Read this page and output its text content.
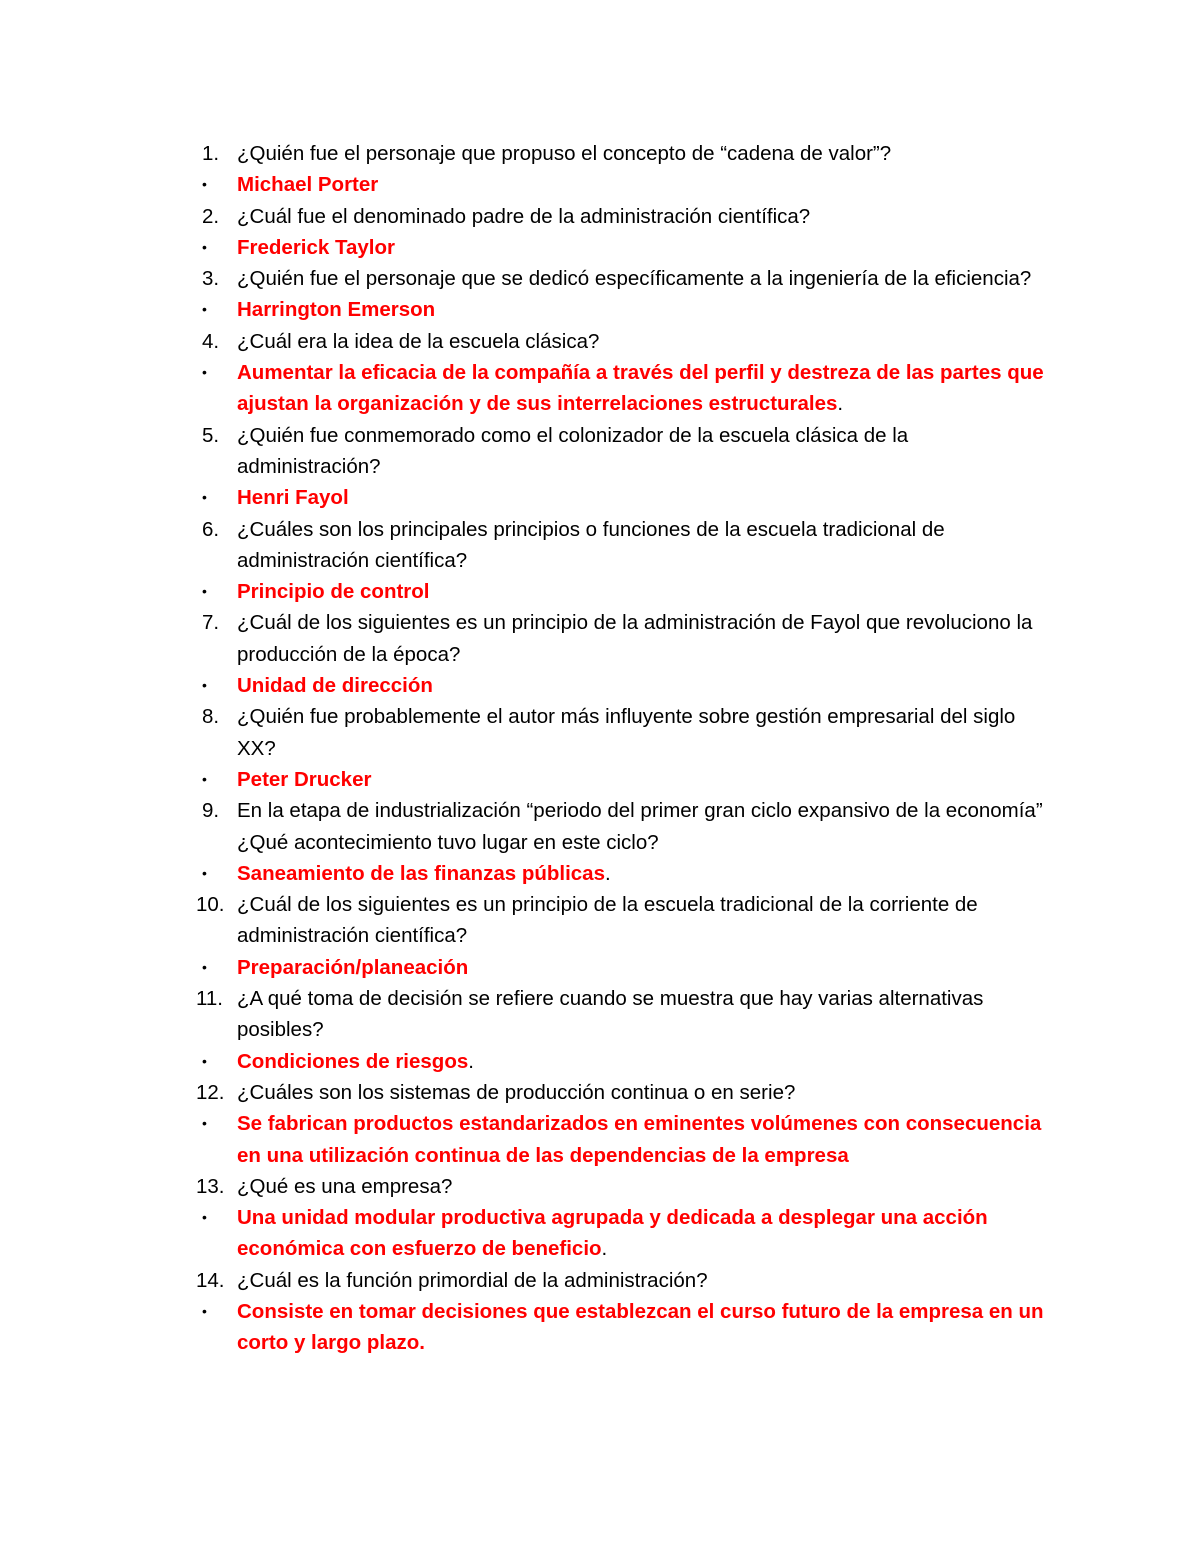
1. ¿Quién fue el personaje que propuso el concepto de “cadena de valor”?
•	Michael Porter
2. ¿Cuál fue el denominado padre de la administración científica?
•	Frederick Taylor
3. ¿Quién fue el personaje que se dedicó específicamente a la ingeniería de la eficiencia?
•	Harrington Emerson
4. ¿Cuál era la idea de la escuela clásica?
•	Aumentar la eficacia de la compañía a través del perfil y destreza de las partes que ajustan la organización y de sus interrelaciones estructurales.
5. ¿Quién fue conmemorado como el colonizador de la escuela clásica de la administración?
•	Henri Fayol
6. ¿Cuáles son los principales principios o funciones de la escuela tradicional de administración científica?
•	Principio de control
7. ¿Cuál de los siguientes es un principio de la administración de Fayol que revoluciono la producción de la época?
•	Unidad de dirección
8. ¿Quién fue probablemente el autor más influyente sobre gestión empresarial del siglo XX?
•	Peter Drucker
9. En la etapa de industrialización “periodo del primer gran ciclo expansivo de la economía” ¿Qué acontecimiento tuvo lugar en este ciclo?
•	Saneamiento de las finanzas públicas.
10. ¿Cuál de los siguientes es un principio de la escuela tradicional de la corriente de administración científica?
•	Preparación/planeación
11. ¿A qué toma de decisión se refiere cuando se muestra que hay varias alternativas posibles?
•	Condiciones de riesgos.
12. ¿Cuáles son los sistemas de producción continua o en serie?
•	Se fabrican productos estandarizados en eminentes volúmenes con consecuencia en una utilización continua de las dependencias de la empresa
13. ¿Qué es una empresa?
•	Una unidad modular productiva agrupada y dedicada a desplegar una acción económica con esfuerzo de beneficio.
14. ¿Cuál es la función primordial de la administración?
•	Consiste en tomar decisiones que establezcan el curso futuro de la empresa en un corto y largo plazo.
